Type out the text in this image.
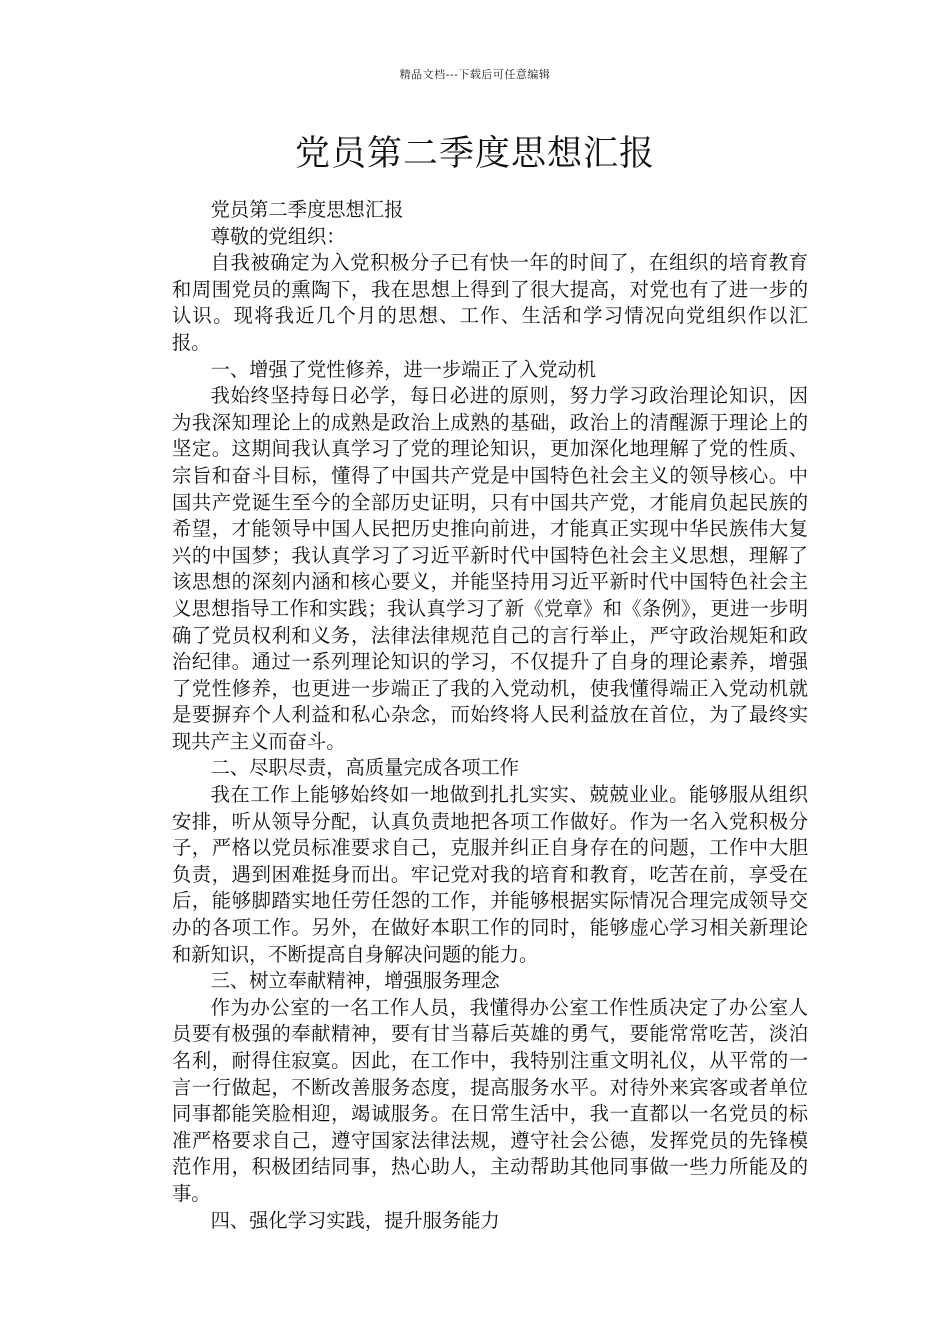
精品文档---下载后可任意编辑
党员第二季度思想汇报

党员第二季度思想汇报

尊敬的党组织：

自我被确定为入党积极分子已有快一年的时间了，在组织的培育教育和周围党员的熏陶下，我在思想上得到了很大提高，对党也有了进一步的认识。现将我近几个月的思想、工作、生活和学习情况向党组织作以汇报。

一、增强了党性修养，进一步端正了入党动机

我始终坚持每日必学，每日必进的原则，努力学习政治理论知识，因为我深知理论上的成熟是政治上成熟的基础，政治上的清醒源于理论上的坚定。这期间我认真学习了党的理论知识，更加深化地理解了党的性质、宗旨和奋斗目标，懂得了中国共产党是中国特色社会主义的领导核心。中国共产党诞生至今的全部历史证明，只有中国共产党，才能肩负起民族的希望，才能领导中国人民把历史推向前进，才能真正实现中华民族伟大复兴的中国梦；我认真学习了习近平新时代中国特色社会主义思想，理解了该思想的深刻内涵和核心要义，并能坚持用习近平新时代中国特色社会主义思想指导工作和实践；我认真学习了新《党章》和《条例》，更进一步明确了党员权利和义务，法律法律规范自己的言行举止，严守政治规矩和政治纪律。通过一系列理论知识的学习，不仅提升了自身的理论素养，增强了党性修养，也更进一步端正了我的入党动机，使我懂得端正入党动机就是要摒弃个人利益和私心杂念，而始终将人民利益放在首位，为了最终实现共产主义而奋斗。

二、尽职尽责，高质量完成各项工作

我在工作上能够始终如一地做到扎扎实实、兢兢业业。能够服从组织安排，听从领导分配，认真负责地把各项工作做好。作为一名入党积极分子，严格以党员标准要求自己，克服并纠正自身存在的问题，工作中大胆负责，遇到困难挺身而出。牢记党对我的培育和教育，吃苦在前，享受在后，能够脚踏实地任劳任怨的工作，并能够根据实际情况合理完成领导交办的各项工作。另外，在做好本职工作的同时，能够虚心学习相关新理论和新知识，不断提高自身解决问题的能力。

三、树立奉献精神，增强服务理念

作为办公室的一名工作人员，我懂得办公室工作性质决定了办公室人员要有极强的奉献精神，要有甘当幕后英雄的勇气，要能常常吃苦，淡泊名利，耐得住寂寞。因此，在工作中，我特别注重文明礼仪，从平常的一言一行做起，不断改善服务态度，提高服务水平。对待外来宾客或者单位同事都能笑脸相迎，竭诚服务。在日常生活中，我一直都以一名党员的标准严格要求自己，遵守国家法律法规，遵守社会公德，发挥党员的先锋模范作用，积极团结同事，热心助人，主动帮助其他同事做一些力所能及的事。

四、强化学习实践，提升服务能力
